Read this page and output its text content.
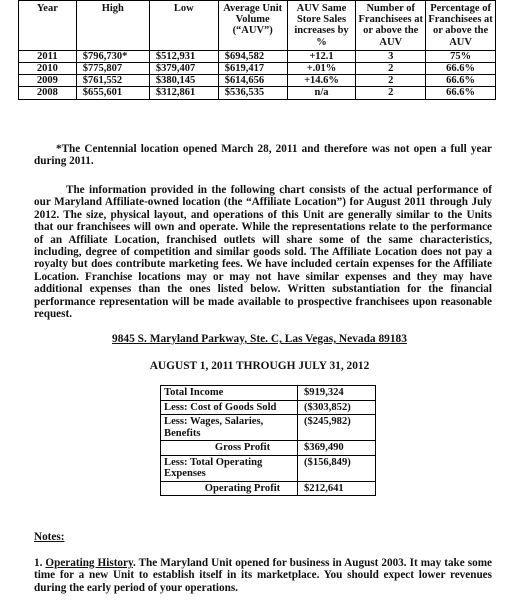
Year	High	Low	Average Unit Volume (“AUV”)	AUV Same Store Sales increases by %	Number of Franchisees at or above the AUV	Percentage of Franchisees at or above the AUV
2011	$796,730*	$512,931	$694,582	+12.1	3	75%
2010	$775,807	$379,407	$619,417	+.01%	2	66.6%
2009	$761,552	$380,145	$614,656	+14.6%	2	66.6%
2008	$655,601	$312,861	$536,535	n/a	2	66.6%

*The Centennial location opened March 28, 2011 and therefore was not open a full year during 2011.

The information provided in the following chart consists of the actual performance of our Maryland Affiliate-owned location (the “Affiliate Location”) for August 2011 through July 2012. The size, physical layout, and operations of this Unit are generally similar to the Units that our franchisees will own and operate. While the representations relate to the performance of an Affiliate Location, franchised outlets will share some of the same characteristics, including, degree of competition and similar goods sold. The Affiliate Location does not pay a royalty but does contribute marketing fees. We have included certain expenses for the Affiliate Location. Franchise locations may or may not have similar expenses and they may have additional expenses than the ones listed below. Written substantiation for the financial performance representation will be made available to prospective franchisees upon reasonable request.

9845 S. Maryland Parkway, Ste. C, Las Vegas, Nevada 89183
AUGUST 1, 2011 THROUGH JULY 31, 2012
Total Income	$919,324
Less: Cost of Goods Sold	($303,852)
Less: Wages, Salaries, Benefits	($245,982)
Gross Profit	$369,490
Less: Total Operating Expenses	($156,849)
Operating Profit	$212,641
Notes:

1. Operating History. The Maryland Unit opened for business in August 2003. It may take some time for a new Unit to establish itself in its marketplace. You should expect lower revenues during the early period of your operations.
